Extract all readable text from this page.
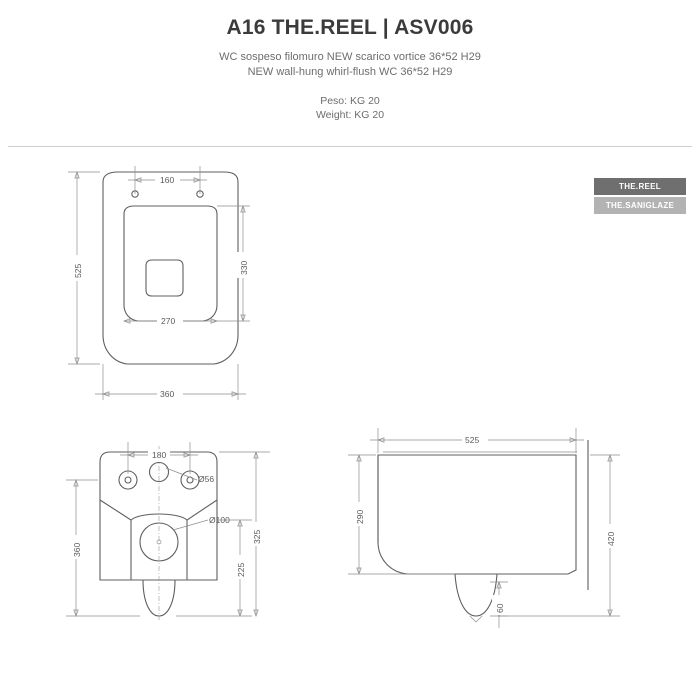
A16 THE.REEL | ASV006
WC sospeso filomuro NEW scarico vortice 36*52 H29
NEW wall-hung whirl-flush WC 36*52 H29
Peso: KG 20
Weight: KG 20
THE.REEL
THE.SANIGLAZE
160
525	330
270
360
180
Ø56
Ø100
360
225
325
525
290
420
60
